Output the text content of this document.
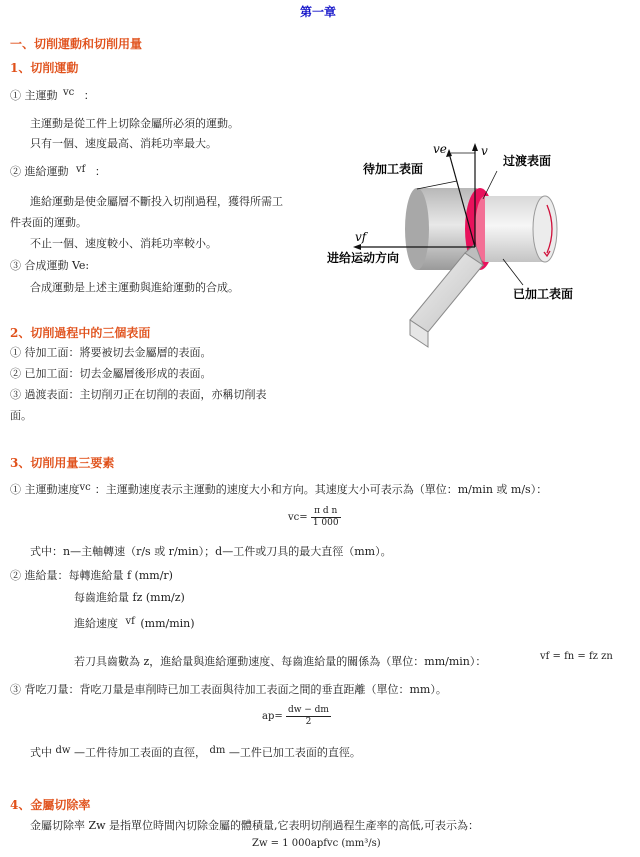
第一章
一、切削運動和切削用量
1、切削運動
① 主運動 vc ：
主運動是從工件上切除金屬所必須的運動。
只有一個、速度最高、消耗功率最大。
② 進給運動 vf ：
進給運動是使金屬層不斷投入切削過程，獲得所需工
件表面的運動。
不止一個、速度較小、消耗功率較小。
③ 合成運動 Ve:
合成運動是上述主運動與進給運動的合成。
ve	v
vf
待加工表面
过渡表面
进给运动方向
已加工表面
2、切削過程中的三個表面
① 待加工面：將要被切去金屬層的表面。
② 已加工面：切去金屬層後形成的表面。
③ 過渡表面：主切削刃正在切削的表面，亦稱切削表
面。
3、切削用量三要素
① 主運動速度vc ：主運動速度表示主運動的速度大小和方向。其速度大小可表示為（單位：m/min 或 m/s）：
$vc= \frac{\text{π d n}}{1 000}$
式中：n—主軸轉速（r/s 或 r/min）；d—工件或刀具的最大直徑（mm）。
② 進給量：每轉進給量 f (mm/r)
每齒進給量 fz (mm/z)
進給速度 vf (mm/min)
若刀具齒數為 z，進給量與進給運動速度、每齒進給量的關係為（單位：mm/min）：	vf = fn = fz zn
③ 背吃刀量：背吃刀量是車削時已加工表面與待加工表面之間的垂直距離（單位：mm）。
$ap= \frac{dw - dm}{2}$
式中 dw —工件待加工表面的直徑， dm —工件已加工表面的直徑。
4、金屬切除率
金屬切除率 Zw 是指單位時間內切除金屬的體積量,它表明切削過程生產率的高低,可表示為：
Zw = 1 000apfvc (mm³/s)
